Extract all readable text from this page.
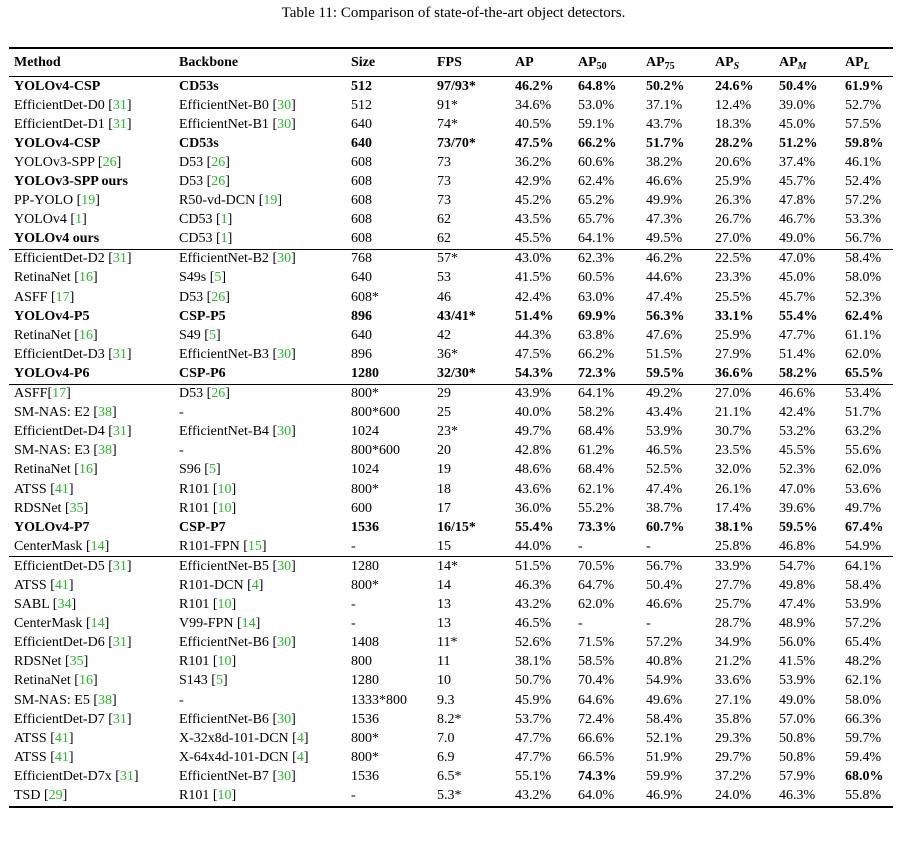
Table 11: Comparison of state-of-the-art object detectors.
Method	Backbone	Size	FPS	AP	$AP_{50}$	$AP_{75}$	$AP_S$	$AP_M$	$AP_L$
YOLOv4-CSP	CD53s	512	97/93*	46.2%	64.8%	50.2%	24.6%	50.4%	61.9%
EfficientDet-D0 [31]	EfficientNet-B0 [30]	512	91*	34.6%	53.0%	37.1%	12.4%	39.0%	52.7%
EfficientDet-D1 [31]	EfficientNet-B1 [30]	640	74*	40.5%	59.1%	43.7%	18.3%	45.0%	57.5%
YOLOv4-CSP	CD53s	640	73/70*	47.5%	66.2%	51.7%	28.2%	51.2%	59.8%
YOLOv3-SPP [26]	D53 [26]	608	73	36.2%	60.6%	38.2%	20.6%	37.4%	46.1%
YOLOv3-SPP ours	D53 [26]	608	73	42.9%	62.4%	46.6%	25.9%	45.7%	52.4%
PP-YOLO [19]	R50-vd-DCN [19]	608	73	45.2%	65.2%	49.9%	26.3%	47.8%	57.2%
YOLOv4 [1]	CD53 [1]	608	62	43.5%	65.7%	47.3%	26.7%	46.7%	53.3%
YOLOv4 ours	CD53 [1]	608	62	45.5%	64.1%	49.5%	27.0%	49.0%	56.7%
EfficientDet-D2 [31]	EfficientNet-B2 [30]	768	57*	43.0%	62.3%	46.2%	22.5%	47.0%	58.4%
RetinaNet [16]	S49s [5]	640	53	41.5%	60.5%	44.6%	23.3%	45.0%	58.0%
ASFF [17]	D53 [26]	608*	46	42.4%	63.0%	47.4%	25.5%	45.7%	52.3%
YOLOv4-P5	CSP-P5	896	43/41*	51.4%	69.9%	56.3%	33.1%	55.4%	62.4%
RetinaNet [16]	S49 [5]	640	42	44.3%	63.8%	47.6%	25.9%	47.7%	61.1%
EfficientDet-D3 [31]	EfficientNet-B3 [30]	896	36*	47.5%	66.2%	51.5%	27.9%	51.4%	62.0%
YOLOv4-P6	CSP-P6	1280	32/30*	54.3%	72.3%	59.5%	36.6%	58.2%	65.5%
ASFF[17]	D53 [26]	800*	29	43.9%	64.1%	49.2%	27.0%	46.6%	53.4%
SM-NAS: E2 [38]	-	800*600	25	40.0%	58.2%	43.4%	21.1%	42.4%	51.7%
EfficientDet-D4 [31]	EfficientNet-B4 [30]	1024	23*	49.7%	68.4%	53.9%	30.7%	53.2%	63.2%
SM-NAS: E3 [38]	-	800*600	20	42.8%	61.2%	46.5%	23.5%	45.5%	55.6%
RetinaNet [16]	S96 [5]	1024	19	48.6%	68.4%	52.5%	32.0%	52.3%	62.0%
ATSS [41]	R101 [10]	800*	18	43.6%	62.1%	47.4%	26.1%	47.0%	53.6%
RDSNet [35]	R101 [10]	600	17	36.0%	55.2%	38.7%	17.4%	39.6%	49.7%
YOLOv4-P7	CSP-P7	1536	16/15*	55.4%	73.3%	60.7%	38.1%	59.5%	67.4%
CenterMask [14]	R101-FPN [15]	-	15	44.0%	-	-	25.8%	46.8%	54.9%
EfficientDet-D5 [31]	EfficientNet-B5 [30]	1280	14*	51.5%	70.5%	56.7%	33.9%	54.7%	64.1%
ATSS [41]	R101-DCN [4]	800*	14	46.3%	64.7%	50.4%	27.7%	49.8%	58.4%
SABL [34]	R101 [10]	-	13	43.2%	62.0%	46.6%	25.7%	47.4%	53.9%
CenterMask [14]	V99-FPN [14]	-	13	46.5%	-	-	28.7%	48.9%	57.2%
EfficientDet-D6 [31]	EfficientNet-B6 [30]	1408	11*	52.6%	71.5%	57.2%	34.9%	56.0%	65.4%
RDSNet [35]	R101 [10]	800	11	38.1%	58.5%	40.8%	21.2%	41.5%	48.2%
RetinaNet [16]	S143 [5]	1280	10	50.7%	70.4%	54.9%	33.6%	53.9%	62.1%
SM-NAS: E5 [38]	-	1333*800	9.3	45.9%	64.6%	49.6%	27.1%	49.0%	58.0%
EfficientDet-D7 [31]	EfficientNet-B6 [30]	1536	8.2*	53.7%	72.4%	58.4%	35.8%	57.0%	66.3%
ATSS [41]	X-32x8d-101-DCN [4]	800*	7.0	47.7%	66.6%	52.1%	29.3%	50.8%	59.7%
ATSS [41]	X-64x4d-101-DCN [4]	800*	6.9	47.7%	66.5%	51.9%	29.7%	50.8%	59.4%
EfficientDet-D7x [31]	EfficientNet-B7 [30]	1536	6.5*	55.1%	74.3%	59.9%	37.2%	57.9%	68.0%
TSD [29]	R101 [10]	-	5.3*	43.2%	64.0%	46.9%	24.0%	46.3%	55.8%
